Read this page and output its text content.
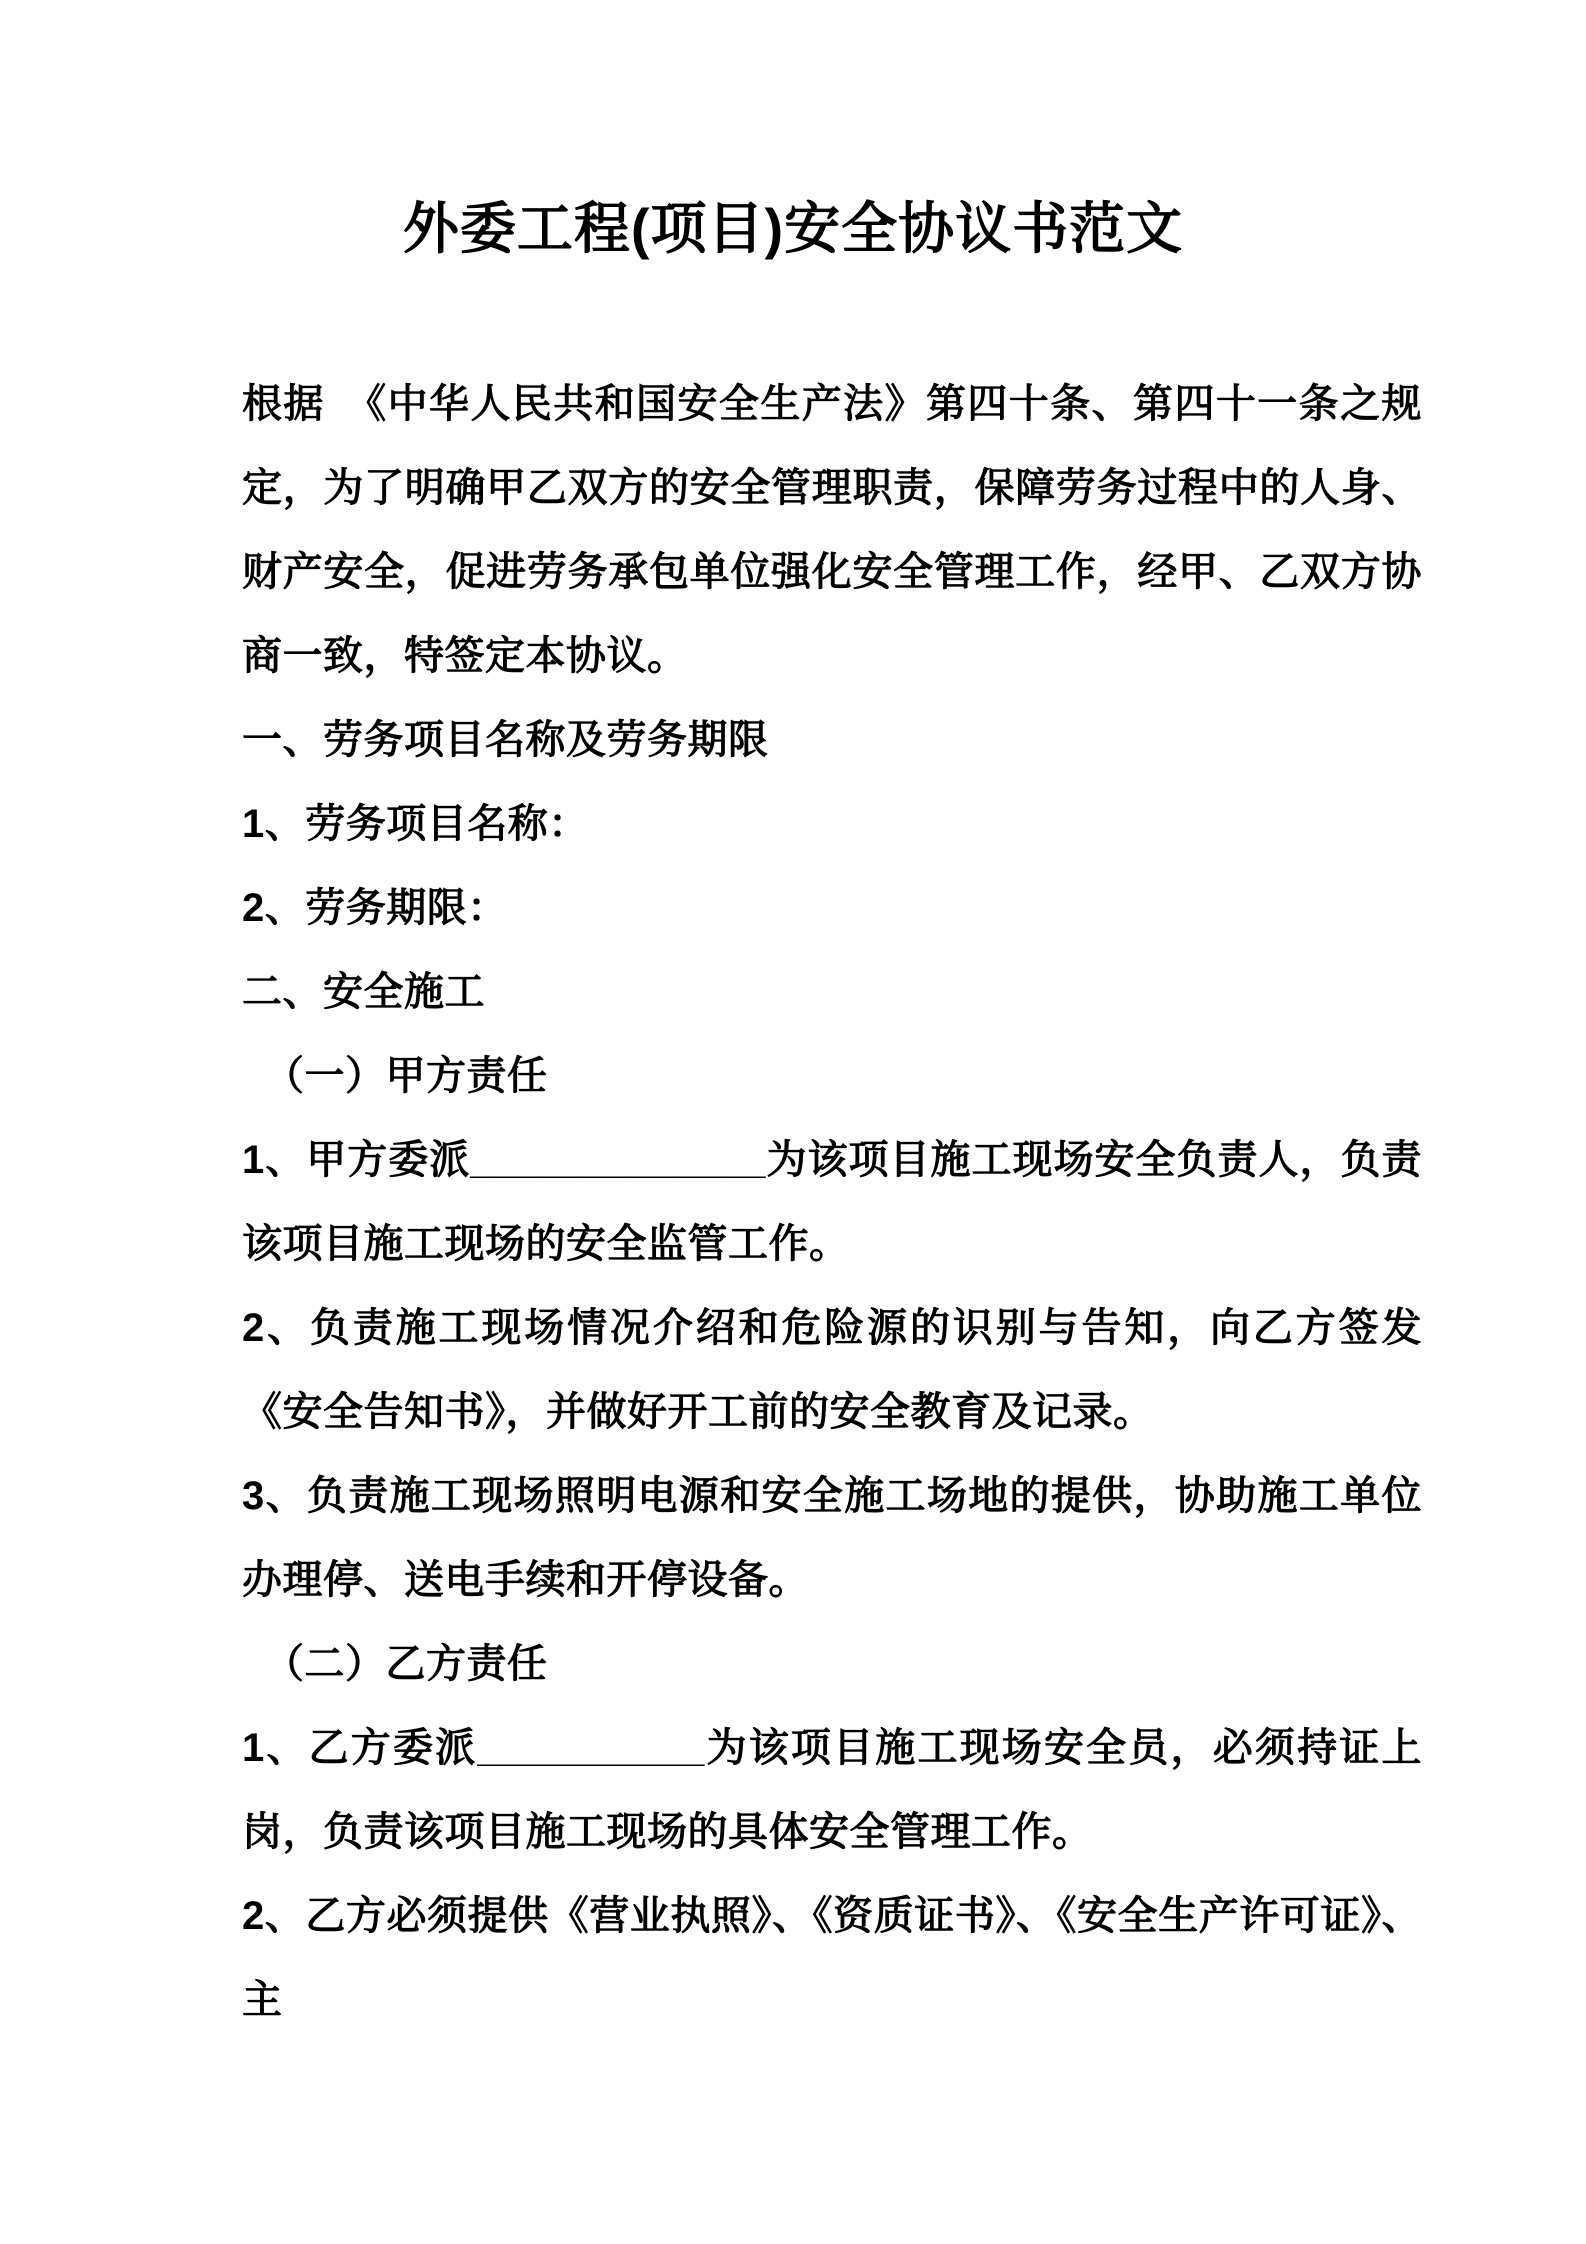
外委工程(项目)安全协议书范文

根据　《中华人民共和国安全生产法》第四十条、第四十一条之规定，为了明确甲乙双方的安全管理职责，保障劳务过程中的人身、财产安全，促进劳务承包单位强化安全管理工作，经甲、乙双方协商一致，特签定本协议。

一、劳务项目名称及劳务期限

1、劳务项目名称：

2、劳务期限：

二、安全施工

（一）甲方责任

1、甲方委派_____________为该项目施工现场安全负责人，负责该项目施工现场的安全监管工作。

2、负责施工现场情况介绍和危险源的识别与告知，向乙方签发《安全告知书》，并做好开工前的安全教育及记录。

3、负责施工现场照明电源和安全施工场地的提供，协助施工单位办理停、送电手续和开停设备。

（二）乙方责任

1、乙方委派__________为该项目施工现场安全员，必须持证上岗，负责该项目施工现场的具体安全管理工作。

2、乙方必须提供《营业执照》、《资质证书》、《安全生产许可证》、主
